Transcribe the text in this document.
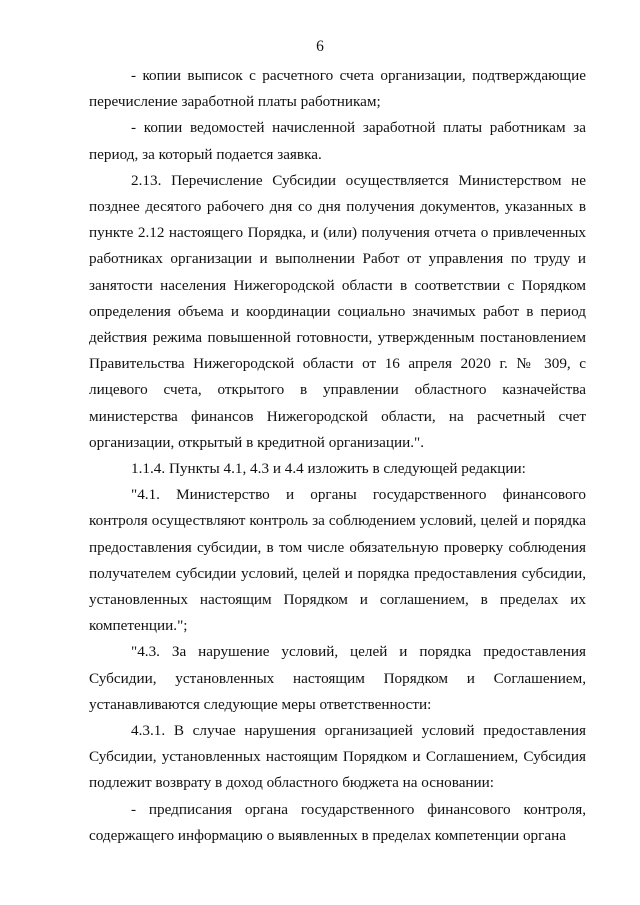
6

- копии выписок с расчетного счета организации, подтверждающие перечисление заработной платы работникам;

- копии ведомостей начисленной заработной платы работникам за период, за который подается заявка.

2.13. Перечисление Субсидии осуществляется Министерством не позднее десятого рабочего дня со дня получения документов, указанных в пункте 2.12 настоящего Порядка, и (или) получения отчета о привлеченных работниках организации и выполнении Работ от управления по труду и занятости населения Нижегородской области в соответствии с Порядком определения объема и координации социально значимых работ в период действия режима повышенной готовности, утвержденным постановлением Правительства Нижегородской области от 16 апреля 2020 г. № 309, с лицевого счета, открытого в управлении областного казначейства министерства финансов Нижегородской области, на расчетный счет организации, открытый в кредитной организации.".

1.1.4. Пункты 4.1, 4.3 и 4.4 изложить в следующей редакции:

"4.1. Министерство и органы государственного финансового контроля осуществляют контроль за соблюдением условий, целей и порядка предоставления субсидии, в том числе обязательную проверку соблюдения получателем субсидии условий, целей и порядка предоставления субсидии, установленных настоящим Порядком и соглашением, в пределах их компетенции.";

"4.3. За нарушение условий, целей и порядка предоставления Субсидии, установленных настоящим Порядком и Соглашением, устанавливаются следующие меры ответственности:

4.3.1. В случае нарушения организацией условий предоставления Субсидии, установленных настоящим Порядком и Соглашением, Субсидия подлежит возврату в доход областного бюджета на основании:

- предписания органа государственного финансового контроля, содержащего информацию о выявленных в пределах компетенции органа
